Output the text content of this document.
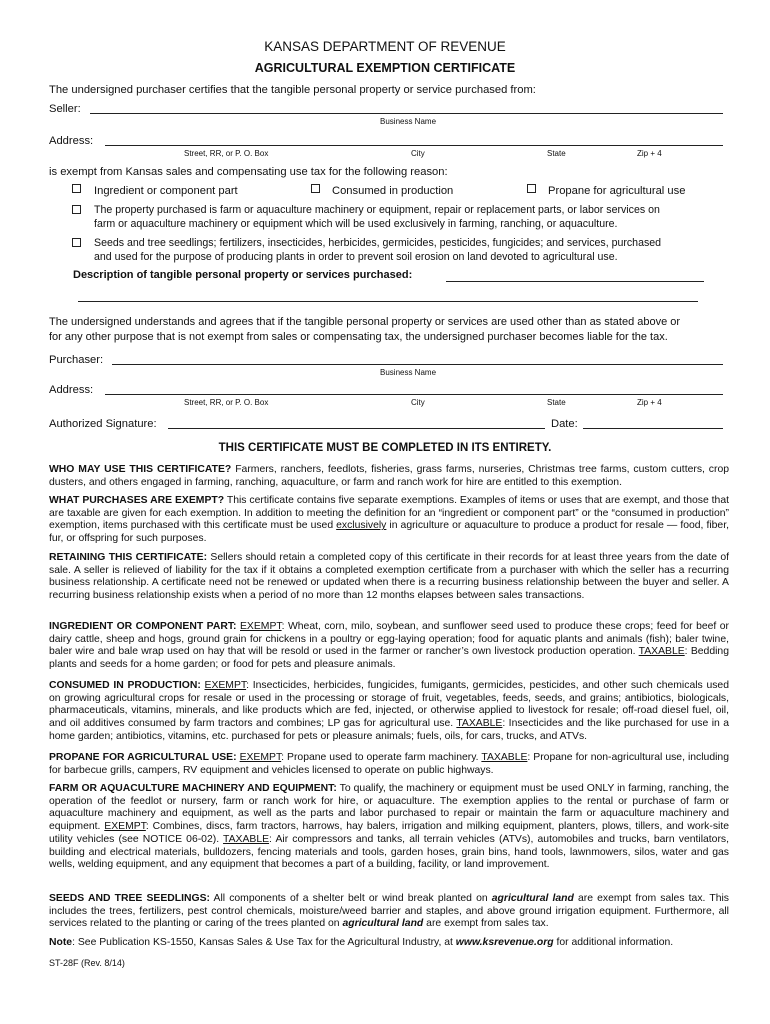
KANSAS DEPARTMENT OF REVENUE
AGRICULTURAL EXEMPTION CERTIFICATE
The undersigned purchaser certifies that the tangible personal property or service purchased from:
Seller:
Business Name
Address:
Street, RR, or P. O. Box	City	State	Zip + 4
is exempt from Kansas sales and compensating use tax for the following reason:
Ingredient or component part	Consumed in production	Propane for agricultural use
The property purchased is farm or aquaculture machinery or equipment, repair or replacement parts, or labor services on
farm or aquaculture machinery or equipment which will be used exclusively in farming, ranching, or aquaculture.
Seeds and tree seedlings; fertilizers, insecticides, herbicides, germicides, pesticides, fungicides; and services, purchased
and used for the purpose of producing plants in order to prevent soil erosion on land devoted to agricultural use.
Description of tangible personal property or services purchased:
The undersigned understands and agrees that if the tangible personal property or services are used other than as stated above or
for any other purpose that is not exempt from sales or compensating tax, the undersigned purchaser becomes liable for the tax.
Purchaser:
Business Name
Address:
Street, RR, or P. O. Box	City	State	Zip + 4
Authorized Signature:	Date:
THIS CERTIFICATE MUST BE COMPLETED IN ITS ENTIRETY.
WHO MAY USE THIS CERTIFICATE? Farmers, ranchers, feedlots, fisheries, grass farms, nurseries, Christmas tree farms, custom cutters, crop dusters, and others engaged in farming, ranching, aquaculture, or farm and ranch work for hire are entitled to this exemption.
WHAT PURCHASES ARE EXEMPT? This certificate contains five separate exemptions. Examples of items or uses that are exempt, and those that are taxable are given for each exemption. In addition to meeting the definition for an “ingredient or component part” or the “consumed in production” exemption, items purchased with this certificate must be used exclusively in agriculture or aquaculture to produce a product for resale — food, fiber, fur, or offspring for such purposes.
RETAINING THIS CERTIFICATE: Sellers should retain a completed copy of this certificate in their records for at least three years from the date of sale. A seller is relieved of liability for the tax if it obtains a completed exemption certificate from a purchaser with which the seller has a recurring business relationship. A certificate need not be renewed or updated when there is a recurring business relationship between the buyer and seller. A recurring business relationship exists when a period of no more than 12 months elapses between sales transactions.
INGREDIENT OR COMPONENT PART: EXEMPT: Wheat, corn, milo, soybean, and sunflower seed used to produce these crops; feed for beef or dairy cattle, sheep and hogs, ground grain for chickens in a poultry or egg-laying operation; food for aquatic plants and animals (fish); baler twine, baler wire and bale wrap used on hay that will be resold or used in the farmer or rancher’s own livestock production operation. TAXABLE: Bedding plants and seeds for a home garden; or food for pets and pleasure animals.
CONSUMED IN PRODUCTION: EXEMPT: Insecticides, herbicides, fungicides, fumigants, germicides, pesticides, and other such chemicals used on growing agricultural crops for resale or used in the processing or storage of fruit, vegetables, feeds, seeds, and grains; antibiotics, biologicals, pharmaceuticals, vitamins, minerals, and like products which are fed, injected, or otherwise applied to livestock for resale; off-road diesel fuel, oil, and oil additives consumed by farm tractors and combines; LP gas for agricultural use. TAXABLE: Insecticides and the like purchased for use in a home garden; antibiotics, vitamins, etc. purchased for pets or pleasure animals; fuels, oils, for cars, trucks, and ATVs.
PROPANE FOR AGRICULTURAL USE: EXEMPT: Propane used to operate farm machinery. TAXABLE: Propane for non-agricultural use, including for barbecue grills, campers, RV equipment and vehicles licensed to operate on public highways.
FARM OR AQUACULTURE MACHINERY AND EQUIPMENT: To qualify, the machinery or equipment must be used ONLY in farming, ranching, the operation of the feedlot or nursery, farm or ranch work for hire, or aquaculture. The exemption applies to the rental or purchase of farm or aquaculture machinery and equipment, as well as the parts and labor purchased to repair or maintain the farm or aquaculture machinery and equipment. EXEMPT: Combines, discs, farm tractors, harrows, hay balers, irrigation and milking equipment, planters, plows, tillers, and work-site utility vehicles (see NOTICE 06-02). TAXABLE: Air compressors and tanks, all terrain vehicles (ATVs), automobiles and trucks, barn ventilators, building and electrical materials, bulldozers, fencing materials and tools, garden hoses, grain bins, hand tools, lawnmowers, silos, water and gas wells, welding equipment, and any equipment that becomes a part of a building, facility, or land improvement.
SEEDS AND TREE SEEDLINGS: All components of a shelter belt or wind break planted on agricultural land are exempt from sales tax. This includes the trees, fertilizers, pest control chemicals, moisture/weed barrier and staples, and above ground irrigation equipment. Furthermore, all services related to the planting or caring of the trees planted on agricultural land are exempt from sales tax.
Note: See Publication KS-1550, Kansas Sales & Use Tax for the Agricultural Industry, at www.ksrevenue.org for additional information.
ST-28F (Rev. 8/14)
